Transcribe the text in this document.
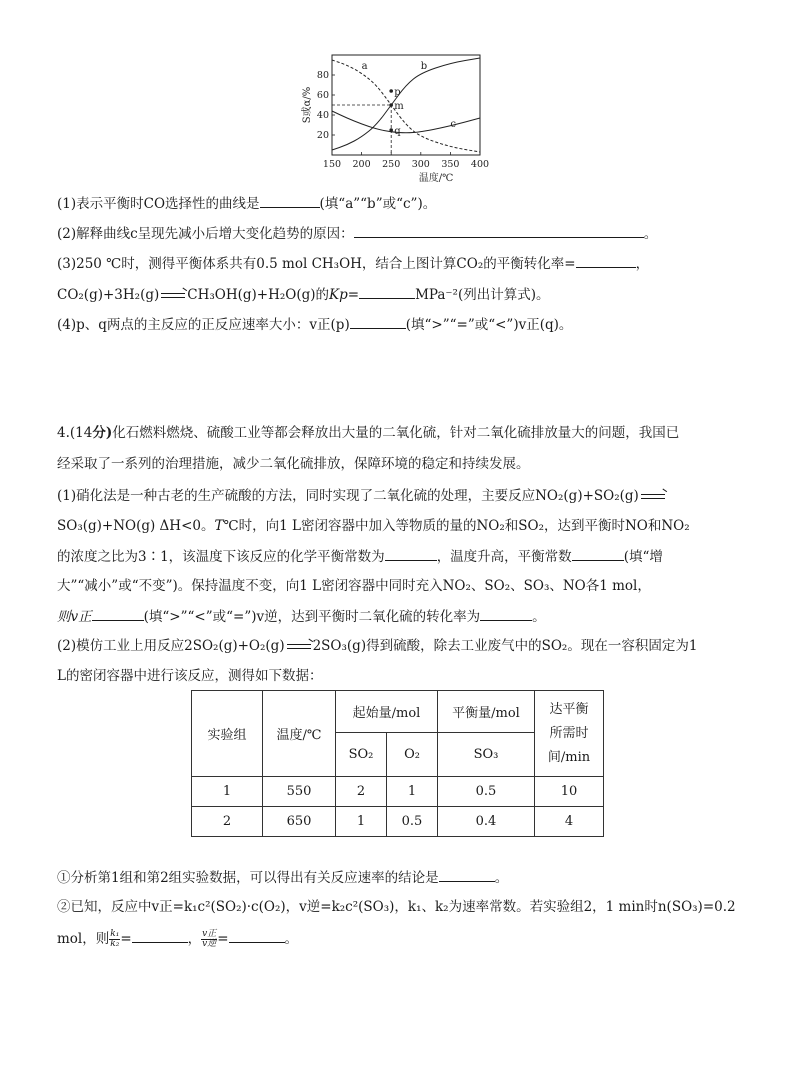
a	b
c
p
m
q
150 200 250 300 350 400
20
40
60
80
温度/℃
S或α/%
(1)表示平衡时CO选择性的曲线是	(填“a”“b”或“c”)。
(2)解释曲线c呈现先减小后增大变化趋势的原因：	。
(3)250 ℃时，测得平衡体系共有0.5 mol CH₃OH，结合上图计算CO₂的平衡转化率=	，
CO₂(g)+3H₂(g) → CH₃OH(g)+H₂O(g)的Kp=	MPa⁻²(列出计算式)。
(4)p、q两点的主反应的正反应速率大小：v正(p)	(填“>”“=”或“<”)v正(q)。
4.(14分)化石燃料燃烧、硫酸工业等都会释放出大量的二氧化硫，针对二氧化硫排放量大的问题，我国已
经采取了一系列的治理措施，减少二氧化硫排放，保障环境的稳定和持续发展。
(1)硝化法是一种古老的生产硫酸的方法，同时实现了二氧化硫的处理，主要反应NO₂(g)+SO₂(g) →
SO₃(g)+NO(g) ΔH<0。T℃时，向1 L密闭容器中加入等物质的量的NO₂和SO₂，达到平衡时NO和NO₂
的浓度之比为3∶1，该温度下该反应的化学平衡常数为	，温度升高，平衡常数	(填“增
大”“减小”或“不变”)。保持温度不变，向1 L密闭容器中同时充入NO₂、SO₂、SO₃、NO各1 mol，
则v正	(填“>”“<”或“=”)v逆，达到平衡时二氧化硫的转化率为	。
(2)模仿工业上用反应2SO₂(g)+O₂(g) → 2SO₃(g)得到硫酸，除去工业废气中的SO₂。现在一容积固定为1
L的密闭容器中进行该反应，测得如下数据：
实验组	温度/℃	起始量/mol		平衡量/mol	达平衡
所需时
间/min
		SO₂	O₂	SO₃	
1	550	2	1	0.5	10
2	650	1	0.5	0.4	4
①分析第1组和第2组实验数据，可以得出有关反应速率的结论是	。
②已知，反应中v正=k₁c²(SO₂)·c(O₂)，v逆=k₂c²(SO₃)，k₁、k₂为速率常数。若实验组2，1 min时n(SO₃)=0.2
mol，则 $\frac{\text{k₁}}{\text{k₂}}$ =	， $\frac{\text{v正}}{\text{v逆}}$ =	。
